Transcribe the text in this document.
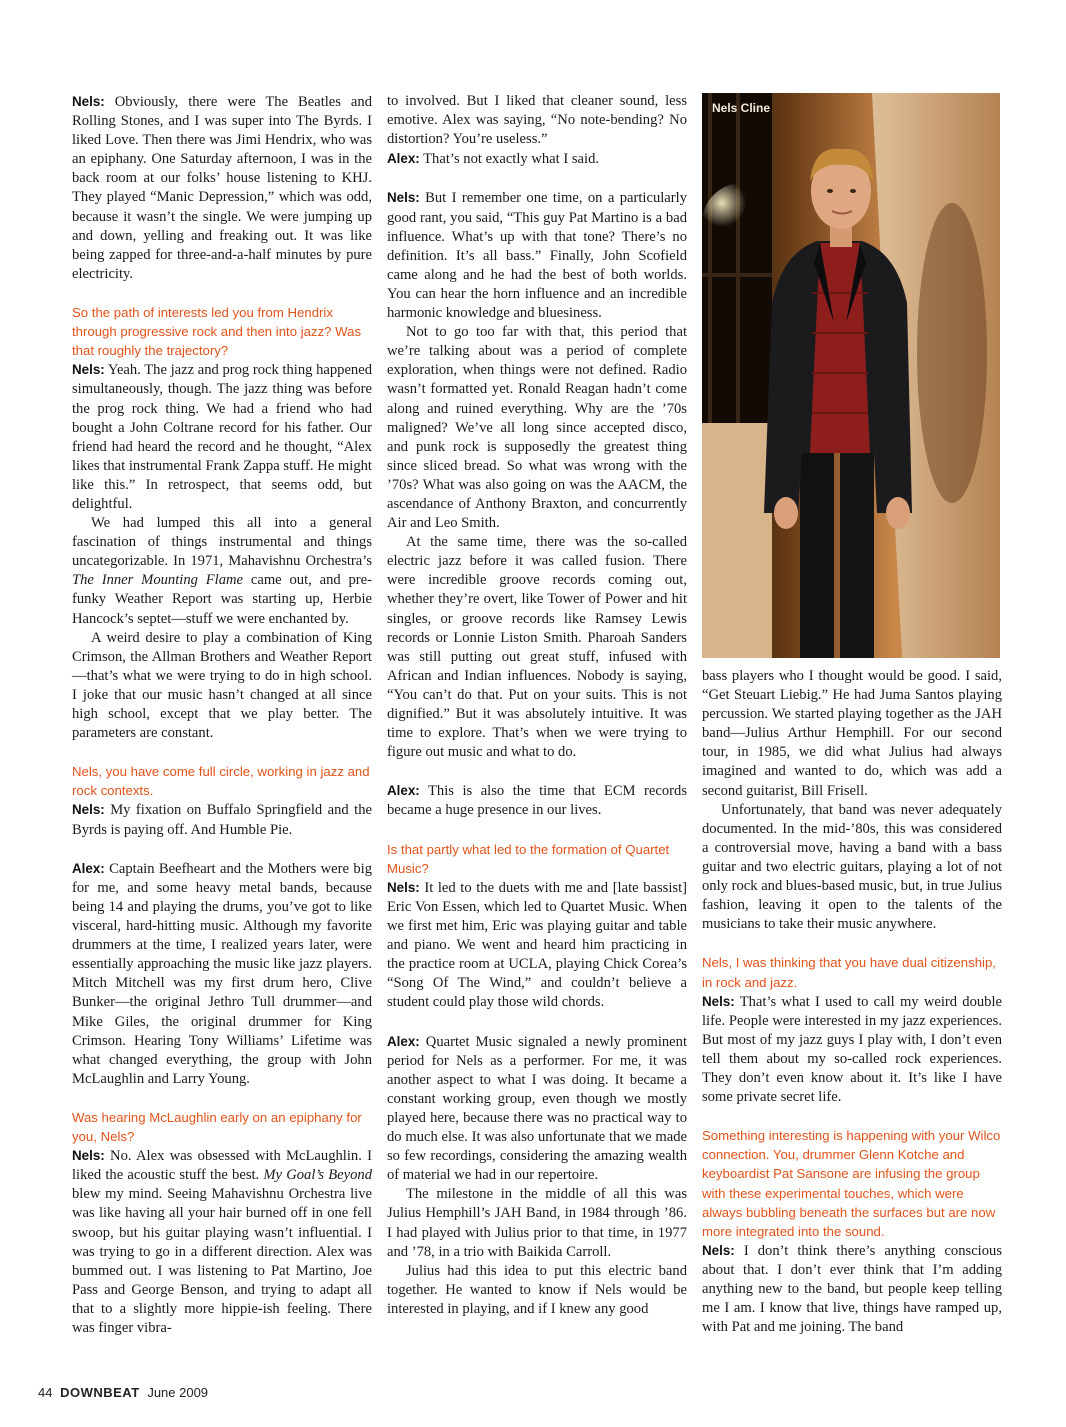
Nels: Obviously, there were The Beatles and Rolling Stones, and I was super into The Byrds. I liked Love. Then there was Jimi Hendrix, who was an epiphany. One Saturday afternoon, I was in the back room at our folks’ house listening to KHJ. They played “Manic Depression,” which was odd, because it wasn’t the single. We were jumping up and down, yelling and freaking out. It was like being zapped for three-and-a-half minutes by pure electricity.

So the path of interests led you from Hendrix through progressive rock and then into jazz? Was that roughly the trajectory?

Nels: Yeah. The jazz and prog rock thing happened simultaneously, though. The jazz thing was before the prog rock thing. We had a friend who had bought a John Coltrane record for his father. Our friend had heard the record and he thought, “Alex likes that instrumental Frank Zappa stuff. He might like this.” In retrospect, that seems odd, but delightful.

We had lumped this all into a general fascination of things instrumental and things uncategorizable. In 1971, Mahavishnu Orchestra’s The Inner Mounting Flame came out, and pre-funky Weather Report was starting up, Herbie Hancock’s septet—stuff we were enchanted by.

A weird desire to play a combination of King Crimson, the Allman Brothers and Weather Report—that’s what we were trying to do in high school. I joke that our music hasn’t changed at all since high school, except that we play better. The parameters are constant.

Nels, you have come full circle, working in jazz and rock contexts.

Nels: My fixation on Buffalo Springfield and the Byrds is paying off. And Humble Pie.

Alex: Captain Beefheart and the Mothers were big for me, and some heavy metal bands, because being 14 and playing the drums, you’ve got to like visceral, hard-hitting music. Although my favorite drummers at the time, I realized years later, were essentially approaching the music like jazz players. Mitch Mitchell was my first drum hero, Clive Bunker—the original Jethro Tull drummer—and Mike Giles, the original drummer for King Crimson. Hearing Tony Williams’ Lifetime was what changed everything, the group with John McLaughlin and Larry Young.

Was hearing McLaughlin early on an epiphany for you, Nels?

Nels: No. Alex was obsessed with McLaughlin. I liked the acoustic stuff the best. My Goal’s Beyond blew my mind. Seeing Mahavishnu Orchestra live was like having all your hair burned off in one fell swoop, but his guitar playing wasn’t influential. I was trying to go in a different direction. Alex was bummed out. I was listening to Pat Martino, Joe Pass and George Benson, and trying to adapt all that to a slightly more hippie-ish feeling. There was finger vibra-

to involved. But I liked that cleaner sound, less emotive. Alex was saying, “No note-bending? No distortion? You’re useless.”

Alex: That’s not exactly what I said.

Nels: But I remember one time, on a particularly good rant, you said, “This guy Pat Martino is a bad influence. What’s up with that tone? There’s no definition. It’s all bass.” Finally, John Scofield came along and he had the best of both worlds. You can hear the horn influence and an incredible harmonic knowledge and bluesiness.

Not to go too far with that, this period that we’re talking about was a period of complete exploration, when things were not defined. Radio wasn’t formatted yet. Ronald Reagan hadn’t come along and ruined everything. Why are the ’70s maligned? We’ve all long since accepted disco, and punk rock is supposedly the greatest thing since sliced bread. So what was wrong with the ’70s? What was also going on was the AACM, the ascendance of Anthony Braxton, and concurrently Air and Leo Smith.

At the same time, there was the so-called electric jazz before it was called fusion. There were incredible groove records coming out, whether they’re overt, like Tower of Power and hit singles, or groove records like Ramsey Lewis records or Lonnie Liston Smith. Pharoah Sanders was still putting out great stuff, infused with African and Indian influences. Nobody is saying, “You can’t do that. Put on your suits. This is not dignified.” But it was absolutely intuitive. It was time to explore. That’s when we were trying to figure out music and what to do.

Alex: This is also the time that ECM records became a huge presence in our lives.

Is that partly what led to the formation of Quartet Music?

Nels: It led to the duets with me and [late bassist] Eric Von Essen, which led to Quartet Music. When we first met him, Eric was playing guitar and table and piano. We went and heard him practicing in the practice room at UCLA, playing Chick Corea’s “Song Of The Wind,” and couldn’t believe a student could play those wild chords.

Alex: Quartet Music signaled a newly prominent period for Nels as a performer. For me, it was another aspect to what I was doing. It became a constant working group, even though we mostly played here, because there was no practical way to do much else. It was also unfortunate that we made so few recordings, considering the amazing wealth of material we had in our repertoire.

The milestone in the middle of all this was Julius Hemphill’s JAH Band, in 1984 through ’86. I had played with Julius prior to that time, in 1977 and ’78, in a trio with Baikida Carroll.

Julius had this idea to put this electric band together. He wanted to know if Nels would be interested in playing, and if I knew any good

Nels Cline

bass players who I thought would be good. I said, “Get Steuart Liebig.” He had Juma Santos playing percussion. We started playing together as the JAH band—Julius Arthur Hemphill. For our second tour, in 1985, we did what Julius had always imagined and wanted to do, which was add a second guitarist, Bill Frisell.

Unfortunately, that band was never adequately documented. In the mid-’80s, this was considered a controversial move, having a band with a bass guitar and two electric guitars, playing a lot of not only rock and blues-based music, but, in true Julius fashion, leaving it open to the talents of the musicians to take their music anywhere.

Nels, I was thinking that you have dual citizenship, in rock and jazz.

Nels: That’s what I used to call my weird double life. People were interested in my jazz experiences. But most of my jazz guys I play with, I don’t even tell them about my so-called rock experiences. They don’t even know about it. It’s like I have some private secret life.

Something interesting is happening with your Wilco connection. You, drummer Glenn Kotche and keyboardist Pat Sansone are infusing the group with these experimental touches, which were always bubbling beneath the surfaces but are now more integrated into the sound.

Nels: I don’t think there’s anything conscious about that. I don’t ever think that I’m adding anything new to the band, but people keep telling me I am. I know that live, things have ramped up, with Pat and me joining. The band

44 DOWNBEAT June 2009
